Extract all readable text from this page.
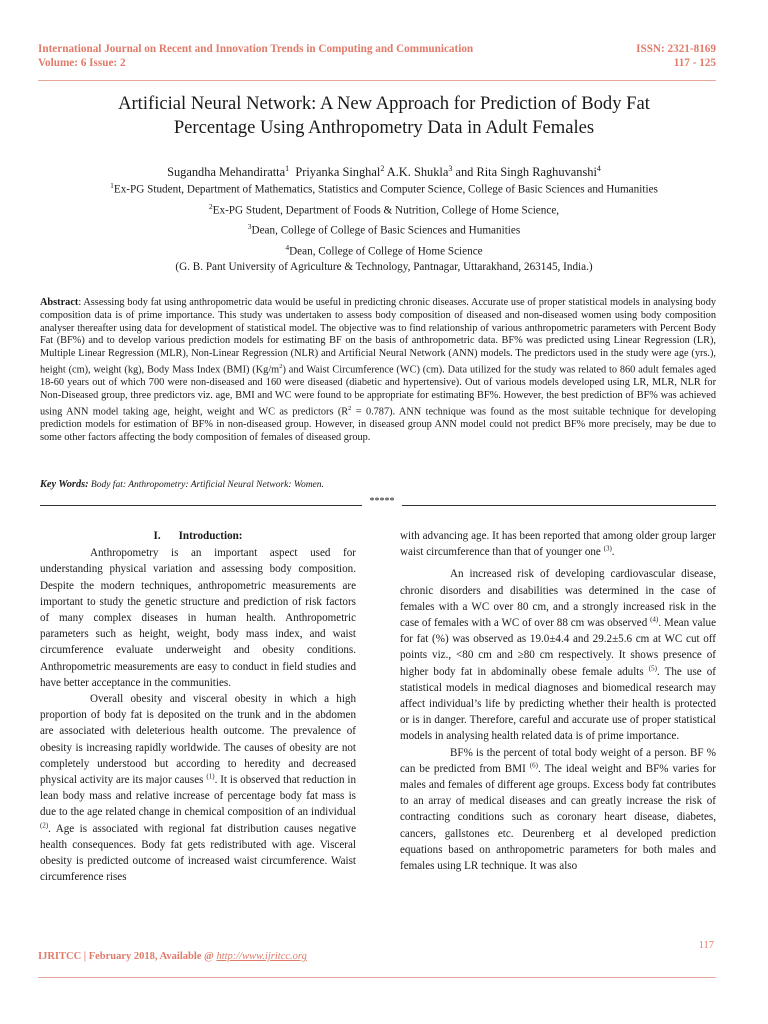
International Journal on Recent and Innovation Trends in Computing and Communication
Volume: 6 Issue: 2
ISSN: 2321-8169
117 - 125
Artificial Neural Network: A New Approach for Prediction of Body Fat
Percentage Using Anthropometry Data in Adult Females
Sugandha Mehandiratta$^1$ Priyanka Singhal$^2$ A.K. Shukla$^3$ and Rita Singh Raghuvanshi$^4$
$^1$Ex-PG Student, Department of Mathematics, Statistics and Computer Science, College of Basic Sciences and Humanities
$^2$Ex-PG Student, Department of Foods & Nutrition, College of Home Science,
$^3$Dean, College of College of Basic Sciences and Humanities
$^4$Dean, College of College of Home Science
(G. B. Pant University of Agriculture & Technology, Pantnagar, Uttarakhand, 263145, India.)
Abstract: Assessing body fat using anthropometric data would be useful in predicting chronic diseases. Accurate use of proper statistical models in analysing body composition data is of prime importance. This study was undertaken to assess body composition of diseased and non-diseased women using body composition analyser thereafter using data for development of statistical model. The objective was to find relationship of various anthropometric parameters with Percent Body Fat (BF%) and to develop various prediction models for estimating BF on the basis of anthropometric data. BF% was predicted using Linear Regression (LR), Multiple Linear Regression (MLR), Non-Linear Regression (NLR) and Artificial Neural Network (ANN) models. The predictors used in the study were age (yrs.), height (cm), weight (kg), Body Mass Index (BMI) $(Kg/m^2)$ and Waist Circumference (WC) (cm). Data utilized for the study was related to 860 adult females aged 18-60 years out of which 700 were non-diseased and 160 were diseased (diabetic and hypertensive). Out of various models developed using LR, MLR, NLR for Non-Diseased group, three predictors viz. age, BMI and WC were found to be appropriate for estimating BF%. However, the best prediction of BF% was achieved using ANN model taking age, height, weight and WC as predictors $(R^2 = 0.787)$. ANN technique was found as the most suitable technique for developing prediction models for estimation of BF% in non-diseased group. However, in diseased group ANN model could not predict BF% more precisely, may be due to some other factors affecting the body composition of females of diseased group.
Key Words: Body fat: Anthropometry: Artificial Neural Network: Women.
*****

I. Introduction:

Anthropometry is an important aspect used for understanding physical variation and assessing body composition. Despite the modern techniques, anthropometric measurements are important to study the genetic structure and prediction of risk factors of many complex diseases in human health. Anthropometric parameters such as height, weight, body mass index, and waist circumference evaluate underweight and obesity conditions. Anthropometric measurements are easy to conduct in field studies and have better acceptance in the communities.

Overall obesity and visceral obesity in which a high proportion of body fat is deposited on the trunk and in the abdomen are associated with deleterious health outcome. The prevalence of obesity is increasing rapidly worldwide. The causes of obesity are not completely understood but according to heredity and decreased physical activity are its major causes $^{(1)}$. It is observed that reduction in lean body mass and relative increase of percentage body fat mass is due to the age related change in chemical composition of an individual $^{(2)}$. Age is associated with regional fat distribution causes negative health consequences. Body fat gets redistributed with age. Visceral obesity is predicted outcome of increased waist circumference. Waist circumference rises

with advancing age. It has been reported that among older group larger waist circumference than that of younger one $^{(3)}$.

An increased risk of developing cardiovascular disease, chronic disorders and disabilities was determined in the case of females with a WC over 80 cm, and a strongly increased risk in the case of females with a WC of over 88 cm was observed $^{(4)}$. Mean value for fat (%) was observed as 19.0±4.4 and 29.2±5.6 cm at WC cut off points viz., <80 cm and ≥80 cm respectively. It shows presence of higher body fat in abdominally obese female adults $^{(5)}$. The use of statistical models in medical diagnoses and biomedical research may affect individual’s life by predicting whether their health is protected or is in danger. Therefore, careful and accurate use of proper statistical models in analysing health related data is of prime importance.

BF% is the percent of total body weight of a person. BF % can be predicted from BMI $^{(6)}$. The ideal weight and BF% varies for males and females of different age groups. Excess body fat contributes to an array of medical diseases and can greatly increase the risk of contracting conditions such as coronary heart disease, diabetes, cancers, gallstones etc. Deurenberg et al developed prediction equations based on anthropometric parameters for both males and females using LR technique. It was also

117
IJRITCC | February 2018, Available @ http://www.ijritcc.org
